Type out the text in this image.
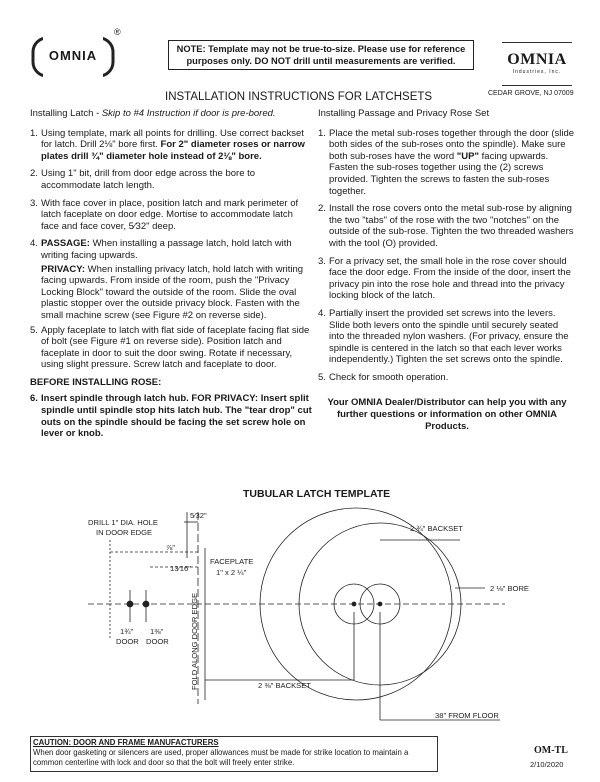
OMNIA
®
NOTE: Template may not be true-to-size. Please use for reference
purposes only. DO NOT drill until measurements are verified.	OMNIA
Industries, Inc.
CEDAR GROVE, NJ 07009
INSTALLATION INSTRUCTIONS FOR LATCHSETS
Installing Latch - Skip to #4 Instruction if door is pre-bored.
1. Using template, mark all points for drilling. Use correct backset for latch. Drill 2⅛" bore first. For 2" diameter roses or narrow plates drill ¾" diameter hole instead of 2⅛" bore.
2. Using 1" bit, drill from door edge across the bore to accommodate latch length.
3. With face cover in place, position latch and mark perimeter of latch faceplate on door edge. Mortise to accommodate latch face and face cover, 5⁄32" deep.
4. PASSAGE: When installing a passage latch, hold latch with writing facing upwards.
PRIVACY: When installing privacy latch, hold latch with writing facing upwards. From inside of the room, push the "Privacy Locking Block" toward the outside of the room. Slide the oval plastic stopper over the outside privacy block. Fasten with the small machine screw (see Figure #2 on reverse side).
5. Apply faceplate to latch with flat side of faceplate facing flat side of bolt (see Figure #1 on reverse side). Position latch and faceplate in door to suit the door swing. Rotate if necessary, using slight pressure. Screw latch and faceplate to door.
BEFORE INSTALLING ROSE:
6. Insert spindle through latch hub. FOR PRIVACY: Insert split spindle until spindle stop hits latch hub. The "tear drop" cut outs on the spindle should be facing the set screw hole on lever or knob.
Installing Passage and Privacy Rose Set
1. Place the metal sub-roses together through the door (slide both sides of the sub-roses onto the spindle). Make sure both sub-roses have the word "UP" facing upwards. Fasten the sub-roses together using the (2) screws provided. Tighten the screws to fasten the sub-roses together.
2. Install the rose covers onto the metal sub-rose by aligning the two "tabs" of the rose with the two "notches" on the outside of the sub-rose. Tighten the two threaded washers with the tool (O) provided.
3. For a privacy set, the small hole in the rose cover should face the door edge. From the inside of the door, insert the privacy pin into the rose hole and thread into the privacy locking block of the latch.
4. Partially insert the provided set screws into the levers. Slide both levers onto the spindle until securely seated into the threaded nylon washers. (For privacy, ensure the spindle is centered in the latch so that each lever works independently.) Tighten the set screws onto the spindle.
5. Check for smooth operation.
Your OMNIA Dealer/Distributor can help you with any further questions or information on other OMNIA Products.
TUBULAR LATCH TEMPLATE
DRILL 1" DIA. HOLE
IN DOOR EDGE
5⁄32"
⅞"
13⁄16"
FACEPLATE
1" x 2 ¼"
FOLD ALONG DOOR EDGE
2 ¾" BACKSET
2 ⅛" BORE
2 ⅜" BACKSET
1¾"
DOOR
1⅜"
DOOR
38" FROM FLOOR
CAUTION: DOOR AND FRAME MANUFACTURERS
When door gasketing or silencers are used, proper allowances must be made for strike location to maintain a common centerline with lock and door so that the bolt will freely enter strike.
OM-TL
2/10/2020
